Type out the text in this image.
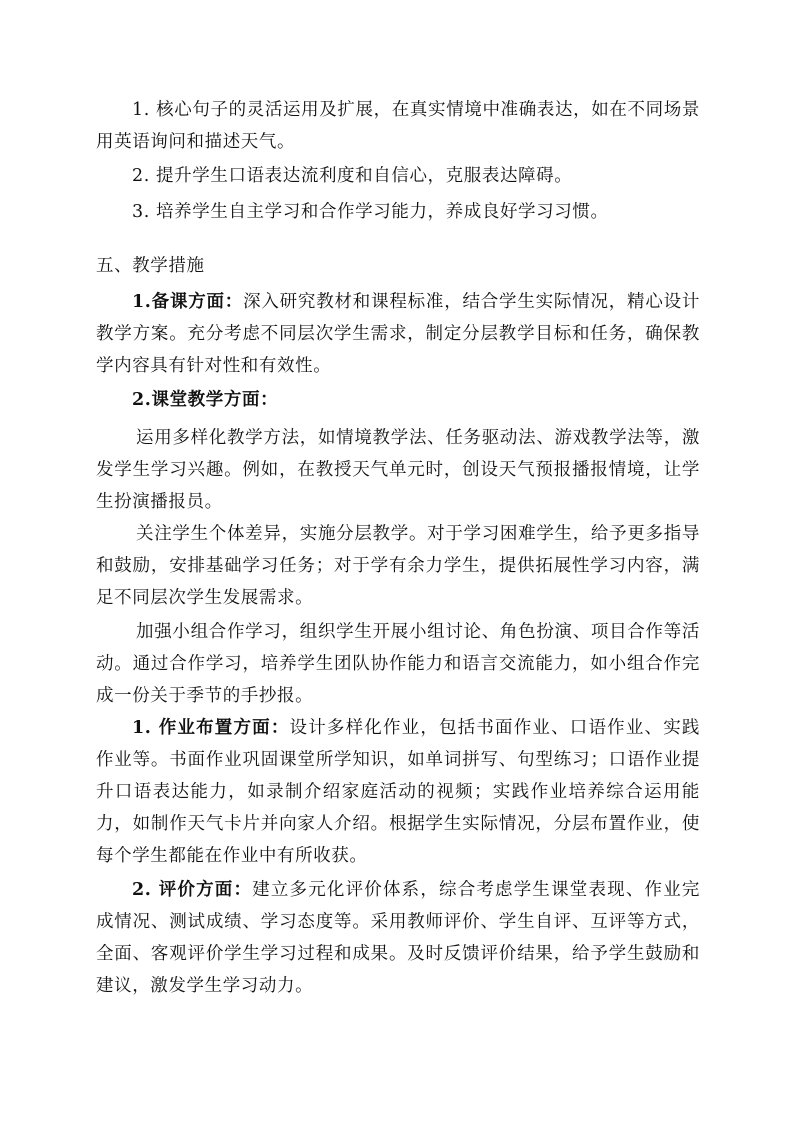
1. 核心句子的灵活运用及扩展，在真实情境中准确表达，如在不同场景用英语询问和描述天气。

2. 提升学生口语表达流利度和自信心，克服表达障碍。

3. 培养学生自主学习和合作学习能力，养成良好学习习惯。

五、教学措施

1.备课方面：深入研究教材和课程标准，结合学生实际情况，精心设计教学方案。充分考虑不同层次学生需求，制定分层教学目标和任务，确保教学内容具有针对性和有效性。

2.课堂教学方面：

运用多样化教学方法，如情境教学法、任务驱动法、游戏教学法等，激发学生学习兴趣。例如，在教授天气单元时，创设天气预报播报情境，让学生扮演播报员。

关注学生个体差异，实施分层教学。对于学习困难学生，给予更多指导和鼓励，安排基础学习任务；对于学有余力学生，提供拓展性学习内容，满足不同层次学生发展需求。

加强小组合作学习，组织学生开展小组讨论、角色扮演、项目合作等活动。通过合作学习，培养学生团队协作能力和语言交流能力，如小组合作完成一份关于季节的手抄报。

1. 作业布置方面：设计多样化作业，包括书面作业、口语作业、实践作业等。书面作业巩固课堂所学知识，如单词拼写、句型练习；口语作业提升口语表达能力，如录制介绍家庭活动的视频；实践作业培养综合运用能力，如制作天气卡片并向家人介绍。根据学生实际情况，分层布置作业，使每个学生都能在作业中有所收获。

2. 评价方面：建立多元化评价体系，综合考虑学生课堂表现、作业完成情况、测试成绩、学习态度等。采用教师评价、学生自评、互评等方式，全面、客观评价学生学习过程和成果。及时反馈评价结果，给予学生鼓励和建议，激发学生学习动力。
